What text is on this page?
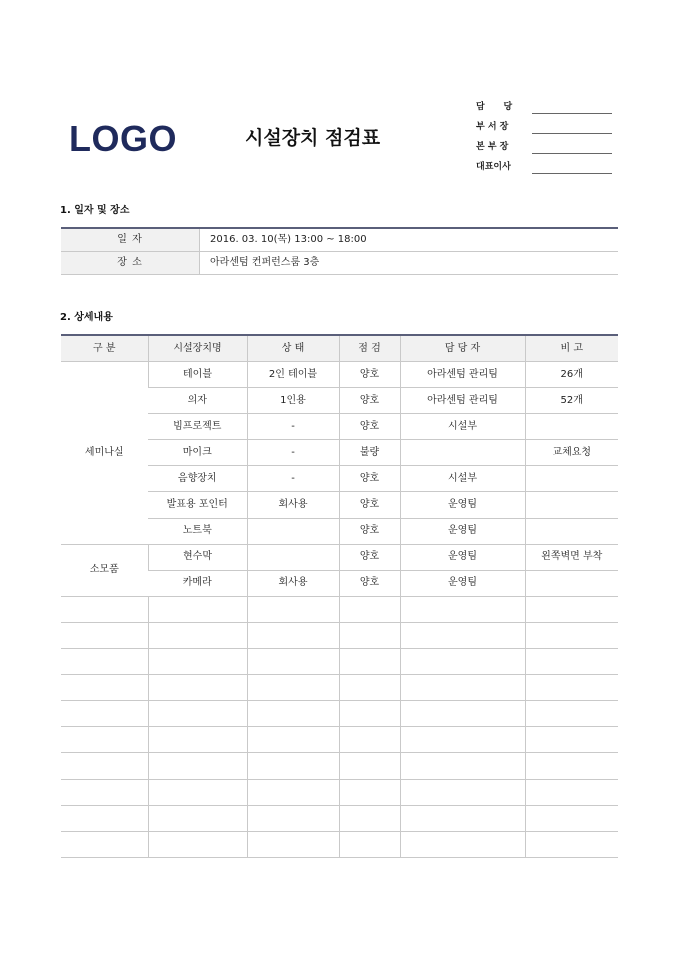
LOGO	시설장치 점검표
담      당
부 서 장
본 부 장
대표이사
1. 일자 및 장소
일 자	2016. 03. 10(목) 13:00 ~ 18:00
장 소	아라센텀 컨퍼런스룸 3층
2. 상세내용
구 분	시설장치명	상 태	점 검	담 당 자	비 고
세미나실	테이블	2인 테이블	양호	아라센텀 관리팀	26개
	의자	1인용	양호	아라센텀 관리팀	52개
	빔프로젝트	-	양호	시설부	
	마이크	-	불량		교체요청
	음향장치	-	양호	시설부	
	발표용 포인터	회사용	양호	운영팀	
	노트북		양호	운영팀	
소모품	현수막		양호	운영팀	왼쪽벽면 부착
	카메라	회사용	양호	운영팀	
